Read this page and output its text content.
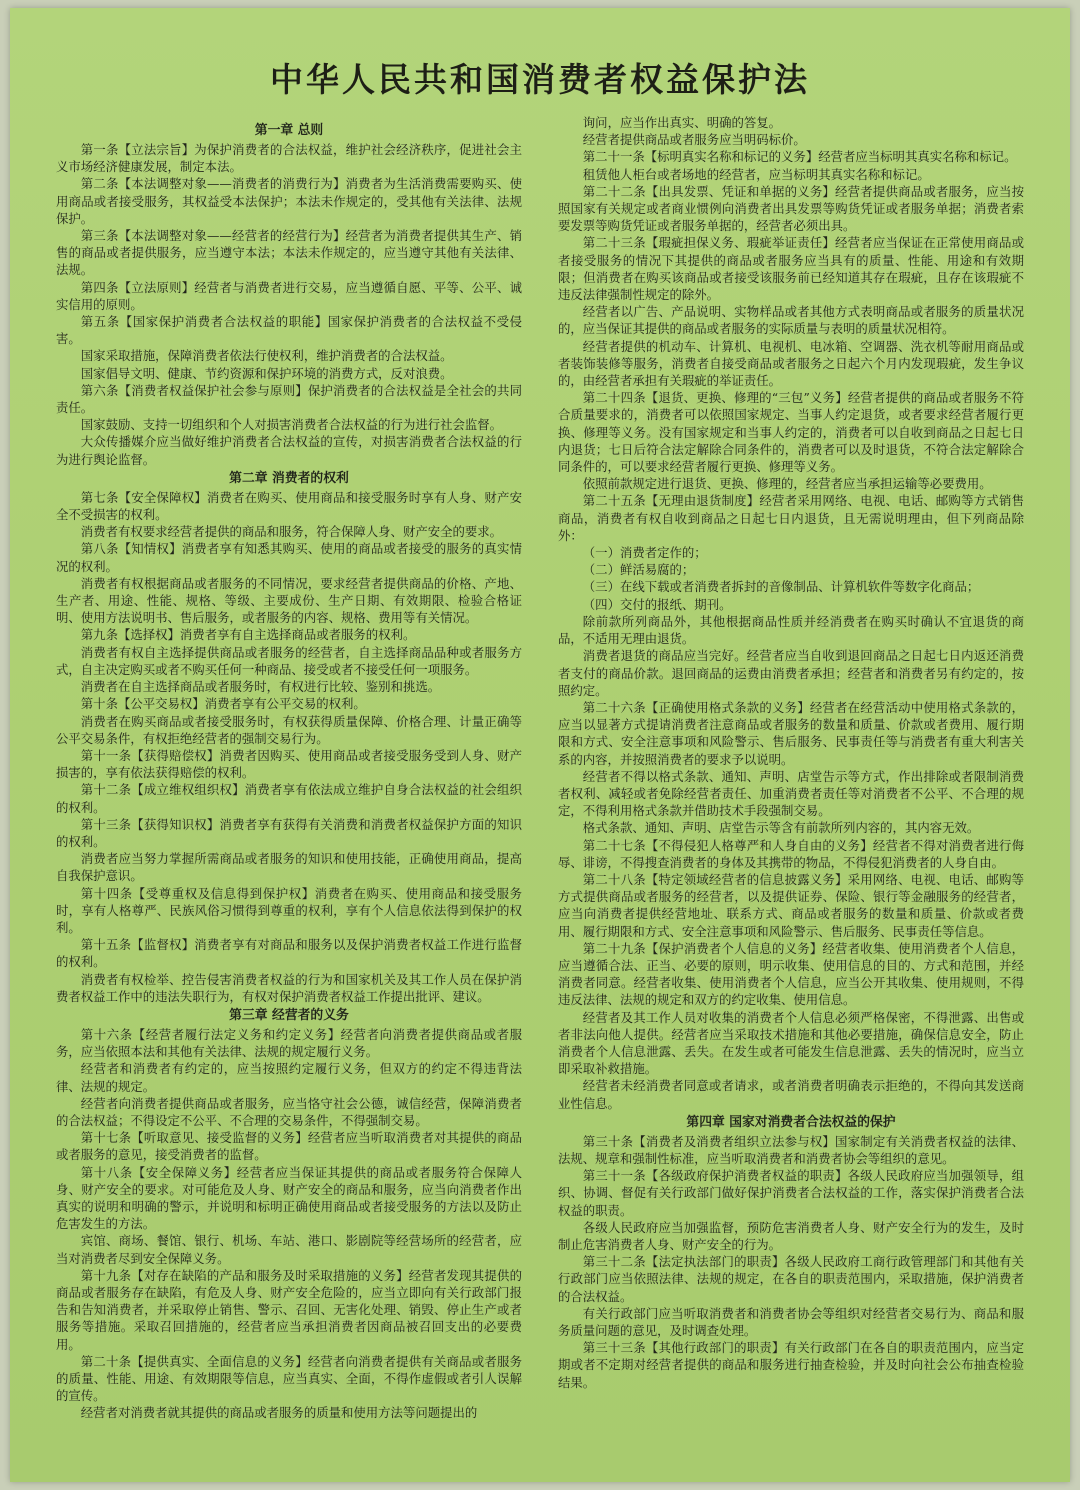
中华人民共和国消费者权益保护法

第一章 总则

第一条【立法宗旨】为保护消费者的合法权益，维护社会经济秩序，促进社会主义市场经济健康发展，制定本法。

第二条【本法调整对象——消费者的消费行为】消费者为生活消费需要购买、使用商品或者接受服务，其权益受本法保护；本法未作规定的，受其他有关法律、法规保护。

第三条【本法调整对象——经营者的经营行为】经营者为消费者提供其生产、销售的商品或者提供服务，应当遵守本法；本法未作规定的，应当遵守其他有关法律、法规。

第四条【立法原则】经营者与消费者进行交易，应当遵循自愿、平等、公平、诚实信用的原则。

第五条【国家保护消费者合法权益的职能】国家保护消费者的合法权益不受侵害。

国家采取措施，保障消费者依法行使权利，维护消费者的合法权益。

国家倡导文明、健康、节约资源和保护环境的消费方式，反对浪费。

第六条【消费者权益保护社会参与原则】保护消费者的合法权益是全社会的共同责任。

国家鼓励、支持一切组织和个人对损害消费者合法权益的行为进行社会监督。

大众传播媒介应当做好维护消费者合法权益的宣传，对损害消费者合法权益的行为进行舆论监督。

第二章 消费者的权利

第七条【安全保障权】消费者在购买、使用商品和接受服务时享有人身、财产安全不受损害的权利。

消费者有权要求经营者提供的商品和服务，符合保障人身、财产安全的要求。

第八条【知情权】消费者享有知悉其购买、使用的商品或者接受的服务的真实情况的权利。

消费者有权根据商品或者服务的不同情况，要求经营者提供商品的价格、产地、生产者、用途、性能、规格、等级、主要成份、生产日期、有效期限、检验合格证明、使用方法说明书、售后服务，或者服务的内容、规格、费用等有关情况。

第九条【选择权】消费者享有自主选择商品或者服务的权利。

消费者有权自主选择提供商品或者服务的经营者，自主选择商品品种或者服务方式，自主决定购买或者不购买任何一种商品、接受或者不接受任何一项服务。

消费者在自主选择商品或者服务时，有权进行比较、鉴别和挑选。

第十条【公平交易权】消费者享有公平交易的权利。

消费者在购买商品或者接受服务时，有权获得质量保障、价格合理、计量正确等公平交易条件，有权拒绝经营者的强制交易行为。

第十一条【获得赔偿权】消费者因购买、使用商品或者接受服务受到人身、财产损害的，享有依法获得赔偿的权利。

第十二条【成立维权组织权】消费者享有依法成立维护自身合法权益的社会组织的权利。

第十三条【获得知识权】消费者享有获得有关消费和消费者权益保护方面的知识的权利。

消费者应当努力掌握所需商品或者服务的知识和使用技能，正确使用商品，提高自我保护意识。

第十四条【受尊重权及信息得到保护权】消费者在购买、使用商品和接受服务时，享有人格尊严、民族风俗习惯得到尊重的权利，享有个人信息依法得到保护的权利。

第十五条【监督权】消费者享有对商品和服务以及保护消费者权益工作进行监督的权利。

消费者有权检举、控告侵害消费者权益的行为和国家机关及其工作人员在保护消费者权益工作中的违法失职行为，有权对保护消费者权益工作提出批评、建议。

第三章 经营者的义务

第十六条【经营者履行法定义务和约定义务】经营者向消费者提供商品或者服务，应当依照本法和其他有关法律、法规的规定履行义务。

经营者和消费者有约定的，应当按照约定履行义务，但双方的约定不得违背法律、法规的规定。

经营者向消费者提供商品或者服务，应当恪守社会公德，诚信经营，保障消费者的合法权益；不得设定不公平、不合理的交易条件，不得强制交易。

第十七条【听取意见、接受监督的义务】经营者应当听取消费者对其提供的商品或者服务的意见，接受消费者的监督。

第十八条【安全保障义务】经营者应当保证其提供的商品或者服务符合保障人身、财产安全的要求。对可能危及人身、财产安全的商品和服务，应当向消费者作出真实的说明和明确的警示，并说明和标明正确使用商品或者接受服务的方法以及防止危害发生的方法。

宾馆、商场、餐馆、银行、机场、车站、港口、影剧院等经营场所的经营者，应当对消费者尽到安全保障义务。

第十九条【对存在缺陷的产品和服务及时采取措施的义务】经营者发现其提供的商品或者服务存在缺陷，有危及人身、财产安全危险的，应当立即向有关行政部门报告和告知消费者，并采取停止销售、警示、召回、无害化处理、销毁、停止生产或者服务等措施。采取召回措施的，经营者应当承担消费者因商品被召回支出的必要费用。

第二十条【提供真实、全面信息的义务】经营者向消费者提供有关商品或者服务的质量、性能、用途、有效期限等信息，应当真实、全面，不得作虚假或者引人误解的宣传。

经营者对消费者就其提供的商品或者服务的质量和使用方法等问题提出的

询问，应当作出真实、明确的答复。

经营者提供商品或者服务应当明码标价。

第二十一条【标明真实名称和标记的义务】经营者应当标明其真实名称和标记。

租赁他人柜台或者场地的经营者，应当标明其真实名称和标记。

第二十二条【出具发票、凭证和单据的义务】经营者提供商品或者服务，应当按照国家有关规定或者商业惯例向消费者出具发票等购货凭证或者服务单据；消费者索要发票等购货凭证或者服务单据的，经营者必须出具。

第二十三条【瑕疵担保义务、瑕疵举证责任】经营者应当保证在正常使用商品或者接受服务的情况下其提供的商品或者服务应当具有的质量、性能、用途和有效期限；但消费者在购买该商品或者接受该服务前已经知道其存在瑕疵，且存在该瑕疵不违反法律强制性规定的除外。

经营者以广告、产品说明、实物样品或者其他方式表明商品或者服务的质量状况的，应当保证其提供的商品或者服务的实际质量与表明的质量状况相符。

经营者提供的机动车、计算机、电视机、电冰箱、空调器、洗衣机等耐用商品或者装饰装修等服务，消费者自接受商品或者服务之日起六个月内发现瑕疵，发生争议的，由经营者承担有关瑕疵的举证责任。

第二十四条【退货、更换、修理的“三包”义务】经营者提供的商品或者服务不符合质量要求的，消费者可以依照国家规定、当事人约定退货，或者要求经营者履行更换、修理等义务。没有国家规定和当事人约定的，消费者可以自收到商品之日起七日内退货；七日后符合法定解除合同条件的，消费者可以及时退货，不符合法定解除合同条件的，可以要求经营者履行更换、修理等义务。

依照前款规定进行退货、更换、修理的，经营者应当承担运输等必要费用。

第二十五条【无理由退货制度】经营者采用网络、电视、电话、邮购等方式销售商品，消费者有权自收到商品之日起七日内退货，且无需说明理由，但下列商品除外：

（一）消费者定作的；

（二）鲜活易腐的；

（三）在线下载或者消费者拆封的音像制品、计算机软件等数字化商品；

（四）交付的报纸、期刊。

除前款所列商品外，其他根据商品性质并经消费者在购买时确认不宜退货的商品，不适用无理由退货。

消费者退货的商品应当完好。经营者应当自收到退回商品之日起七日内返还消费者支付的商品价款。退回商品的运费由消费者承担；经营者和消费者另有约定的，按照约定。

第二十六条【正确使用格式条款的义务】经营者在经营活动中使用格式条款的，应当以显著方式提请消费者注意商品或者服务的数量和质量、价款或者费用、履行期限和方式、安全注意事项和风险警示、售后服务、民事责任等与消费者有重大利害关系的内容，并按照消费者的要求予以说明。

经营者不得以格式条款、通知、声明、店堂告示等方式，作出排除或者限制消费者权利、减轻或者免除经营者责任、加重消费者责任等对消费者不公平、不合理的规定，不得利用格式条款并借助技术手段强制交易。

格式条款、通知、声明、店堂告示等含有前款所列内容的，其内容无效。

第二十七条【不得侵犯人格尊严和人身自由的义务】经营者不得对消费者进行侮辱、诽谤，不得搜查消费者的身体及其携带的物品，不得侵犯消费者的人身自由。

第二十八条【特定领域经营者的信息披露义务】采用网络、电视、电话、邮购等方式提供商品或者服务的经营者，以及提供证券、保险、银行等金融服务的经营者，应当向消费者提供经营地址、联系方式、商品或者服务的数量和质量、价款或者费用、履行期限和方式、安全注意事项和风险警示、售后服务、民事责任等信息。

第二十九条【保护消费者个人信息的义务】经营者收集、使用消费者个人信息，应当遵循合法、正当、必要的原则，明示收集、使用信息的目的、方式和范围，并经消费者同意。经营者收集、使用消费者个人信息，应当公开其收集、使用规则，不得违反法律、法规的规定和双方的约定收集、使用信息。

经营者及其工作人员对收集的消费者个人信息必须严格保密，不得泄露、出售或者非法向他人提供。经营者应当采取技术措施和其他必要措施，确保信息安全，防止消费者个人信息泄露、丢失。在发生或者可能发生信息泄露、丢失的情况时，应当立即采取补救措施。

经营者未经消费者同意或者请求，或者消费者明确表示拒绝的，不得向其发送商业性信息。

第四章 国家对消费者合法权益的保护

第三十条【消费者及消费者组织立法参与权】国家制定有关消费者权益的法律、法规、规章和强制性标准，应当听取消费者和消费者协会等组织的意见。

第三十一条【各级政府保护消费者权益的职责】各级人民政府应当加强领导，组织、协调、督促有关行政部门做好保护消费者合法权益的工作，落实保护消费者合法权益的职责。

各级人民政府应当加强监督，预防危害消费者人身、财产安全行为的发生，及时制止危害消费者人身、财产安全的行为。

第三十二条【法定执法部门的职责】各级人民政府工商行政管理部门和其他有关行政部门应当依照法律、法规的规定，在各自的职责范围内，采取措施，保护消费者的合法权益。

有关行政部门应当听取消费者和消费者协会等组织对经营者交易行为、商品和服务质量问题的意见，及时调查处理。

第三十三条【其他行政部门的职责】有关行政部门在各自的职责范围内，应当定期或者不定期对经营者提供的商品和服务进行抽查检验，并及时向社会公布抽查检验结果。
